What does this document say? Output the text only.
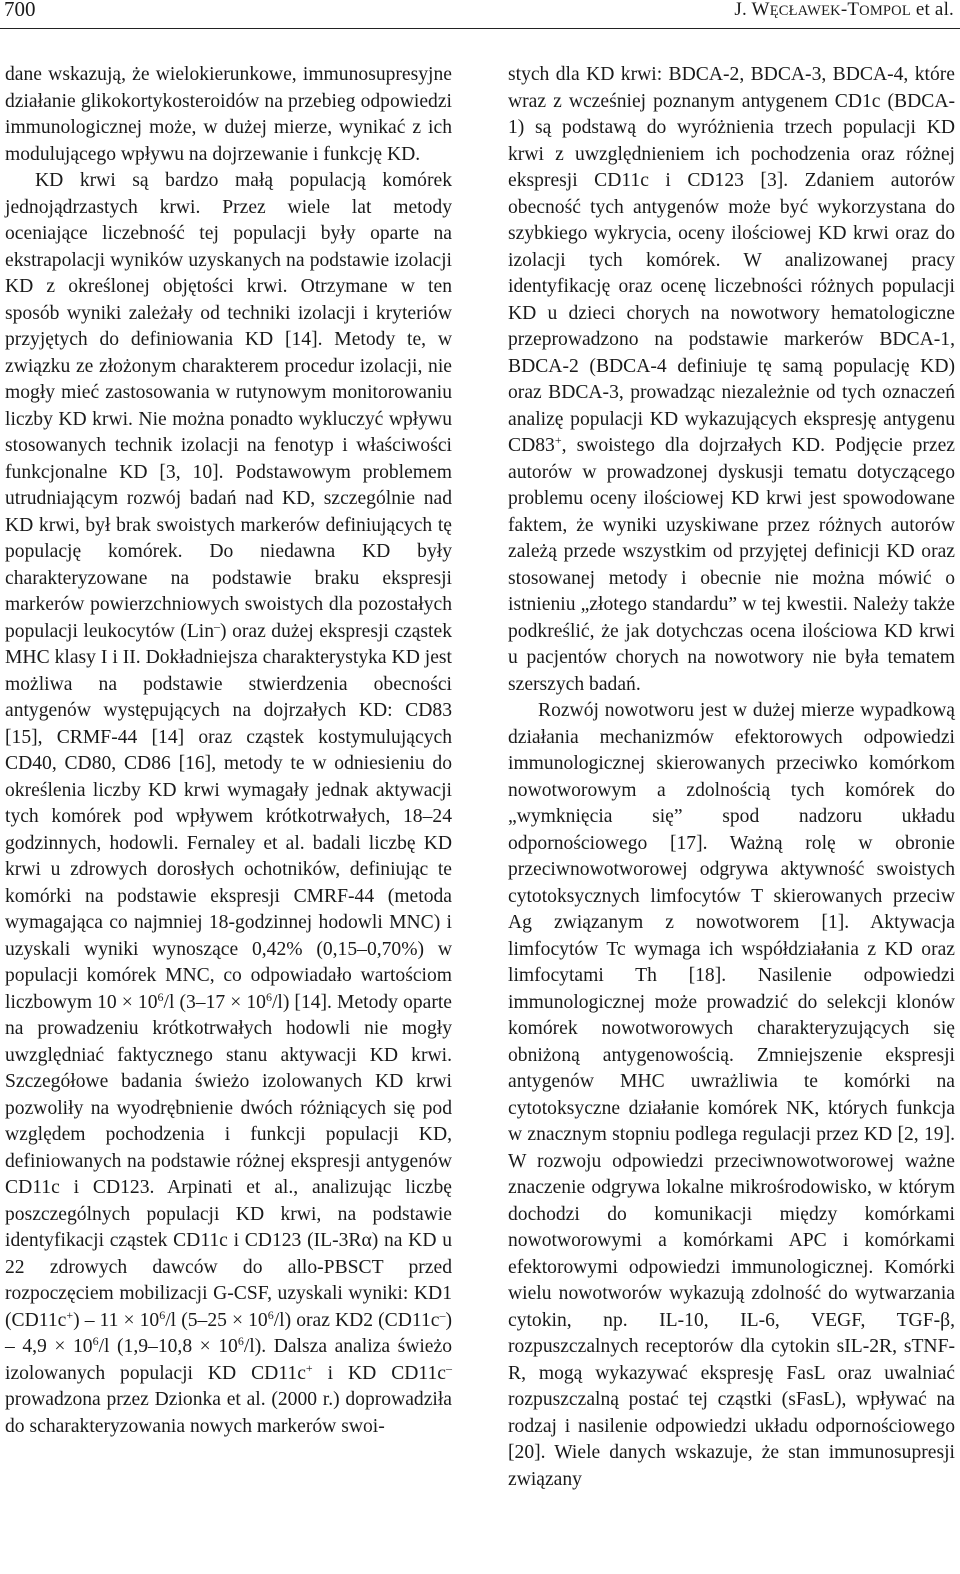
700	J. WĘCŁAWEK-TOMPOL et al.

dane wskazują, że wielokierunkowe, immunosupresyjne działanie glikokortykosteroidów na przebieg odpowiedzi immunologicznej może, w dużej mierze, wynikać z ich modulującego wpływu na dojrzewanie i funkcję KD.

KD krwi są bardzo małą populacją komórek jednojądrzastych krwi. Przez wiele lat metody oceniające liczebność tej populacji były oparte na ekstrapolacji wyników uzyskanych na podstawie izolacji KD z określonej objętości krwi. Otrzymane w ten sposób wyniki zależały od techniki izolacji i kryteriów przyjętych do definiowania KD [14]. Metody te, w związku ze złożonym charakterem procedur izolacji, nie mogły mieć zastosowania w rutynowym monitorowaniu liczby KD krwi. Nie można ponadto wykluczyć wpływu stosowanych technik izolacji na fenotyp i właściwości funkcjonalne KD [3, 10]. Podstawowym problemem utrudniającym rozwój badań nad KD, szczególnie nad KD krwi, był brak swoistych markerów definiujących tę populację komórek. Do niedawna KD były charakteryzowane na podstawie braku ekspresji markerów powierzchniowych swoistych dla pozostałych populacji leukocytów (Lin–) oraz dużej ekspresji cząstek MHC klasy I i II. Dokładniejsza charakterystyka KD jest możliwa na podstawie stwierdzenia obecności antygenów występujących na dojrzałych KD: CD83 [15], CRMF-44 [14] oraz cząstek kostymulujących CD40, CD80, CD86 [16], metody te w odniesieniu do określenia liczby KD krwi wymagały jednak aktywacji tych komórek pod wpływem krótkotrwałych, 18–24 godzinnych, hodowli. Fernaley et al. badali liczbę KD krwi u zdrowych dorosłych ochotników, definiując te komórki na podstawie ekspresji CMRF-44 (metoda wymagająca co najmniej 18-godzinnej hodowli MNC) i uzyskali wyniki wynoszące 0,42% (0,15–0,70%) w populacji komórek MNC, co odpowiadało wartościom liczbowym $10 \times 10^6/l$ $(3-17 \times 10^6/l)$ [14]. Metody oparte na prowadzeniu krótkotrwałych hodowli nie mogły uwzględniać faktycznego stanu aktywacji KD krwi. Szczegółowe badania świeżo izolowanych KD krwi pozwoliły na wyodrębnienie dwóch różniących się pod względem pochodzenia i funkcji populacji KD, definiowanych na podstawie różnej ekspresji antygenów CD11c i CD123. Arpinati et al., analizując liczbę poszczególnych populacji KD krwi, na podstawie identyfikacji cząstek CD11c i CD123 (IL-3Rα) na KD u 22 zdrowych dawców do allo-PBSCT przed rozpoczęciem mobilizacji G-CSF, uzyskali wyniki: KD1 $(CD11c^+) - 11 \times 10^6/l$ $(5-25 \times 10^6/l)$ oraz KD2 $(CD11c^-) - 4,9 \times 10^6/l$ $(1,9-10,8 \times 10^6/l)$. Dalsza analiza świeżo izolowanych populacji KD CD11c+ i KD CD11c– prowadzona przez Dzionka et al. (2000 r.) doprowadziła do scharakteryzowania nowych markerów swoi-

stych dla KD krwi: BDCA-2, BDCA-3, BDCA-4, które wraz z wcześniej poznanym antygenem CD1c (BDCA-1) są podstawą do wyróżnienia trzech populacji KD krwi z uwzględnieniem ich pochodzenia oraz różnej ekspresji CD11c i CD123 [3]. Zdaniem autorów obecność tych antygenów może być wykorzystana do szybkiego wykrycia, oceny ilościowej KD krwi oraz do izolacji tych komórek. W analizowanej pracy identyfikację oraz ocenę liczebności różnych populacji KD u dzieci chorych na nowotwory hematologiczne przeprowadzono na podstawie markerów BDCA-1, BDCA-2 (BDCA-4 definiuje tę samą populację KD) oraz BDCA-3, prowadząc niezależnie od tych oznaczeń analizę populacji KD wykazujących ekspresję antygenu CD83+, swoistego dla dojrzałych KD. Podjęcie przez autorów w prowadzonej dyskusji tematu dotyczącego problemu oceny ilościowej KD krwi jest spowodowane faktem, że wyniki uzyskiwane przez różnych autorów zależą przede wszystkim od przyjętej definicji KD oraz stosowanej metody i obecnie nie można mówić o istnieniu „złotego standardu” w tej kwestii. Należy także podkreślić, że jak dotychczas ocena ilościowa KD krwi u pacjentów chorych na nowotwory nie była tematem szerszych badań.

Rozwój nowotworu jest w dużej mierze wypadkową działania mechanizmów efektorowych odpowiedzi immunologicznej skierowanych przeciwko komórkom nowotworowym a zdolnością tych komórek do „wymknięcia się” spod nadzoru układu odpornościowego [17]. Ważną rolę w obronie przeciwnowotworowej odgrywa aktywność swoistych cytotoksycznych limfocytów T skierowanych przeciw Ag związanym z nowotworem [1]. Aktywacja limfocytów Tc wymaga ich współdziałania z KD oraz limfocytami Th [18]. Nasilenie odpowiedzi immunologicznej może prowadzić do selekcji klonów komórek nowotworowych charakteryzujących się obniżoną antygenowością. Zmniejszenie ekspresji antygenów MHC uwrażliwia te komórki na cytotoksyczne działanie komórek NK, których funkcja w znacznym stopniu podlega regulacji przez KD [2, 19]. W rozwoju odpowiedzi przeciwnowotworowej ważne znaczenie odgrywa lokalne mikrośrodowisko, w którym dochodzi do komunikacji między komórkami nowotworowymi a komórkami APC i komórkami efektorowymi odpowiedzi immunologicznej. Komórki wielu nowotworów wykazują zdolność do wytwarzania cytokin, np. IL-10, IL-6, VEGF, TGF-β, rozpuszczalnych receptorów dla cytokin sIL-2R, sTNF-R, mogą wykazywać ekspresję FasL oraz uwalniać rozpuszczalną postać tej cząstki (sFasL), wpływać na rodzaj i nasilenie odpowiedzi układu odpornościowego [20]. Wiele danych wskazuje, że stan immunosupresji związany
